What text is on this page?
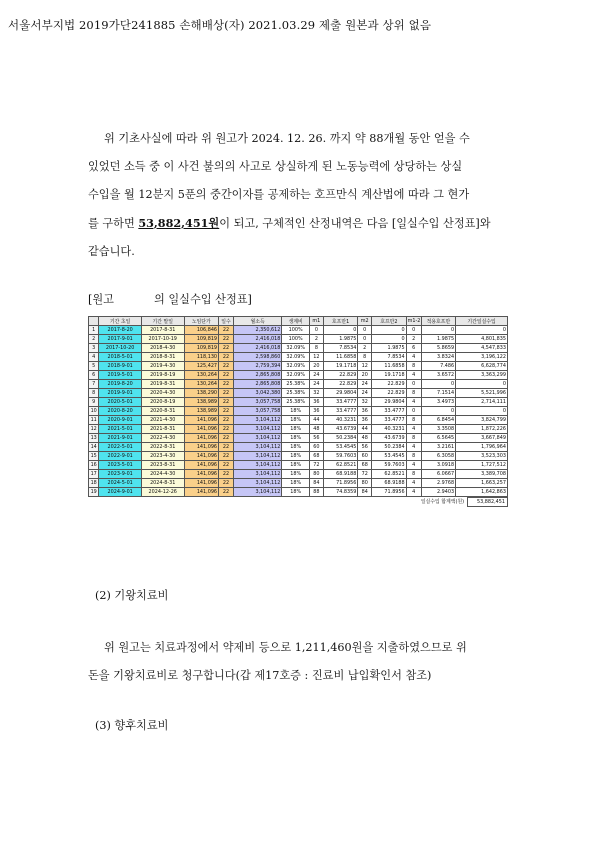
서울서부지법 2019가단241885 손해배상(자) 2021.03.29 제출 원본과 상위 없음
위 기초사실에 따라 위 원고가 2024. 12. 26. 까지 약 88개월 동안 얻을 수
있었던 소득 중 이 사건 불의의 사고로 상실하게 된 노동능력에 상당하는 상실
수입을 월 12분지 5푼의 중간이자를 공제하는 호프만식 계산법에 따라 그 현가
를 구하면 53,882,451원이 되고, 구체적인 산정내역은 다음 [일실수입 산정표]와
같습니다.
[원고	의 일실수입 산정표]
	기간 초일	기간 말일	노임단가	일수	월소득	생계비	m1	호프만1	m2	호프만2	m1-2	적용호프만	기간일실수입
1	2017-8-20	2017-8-31	106,846	22	2,350,612	100%	0	0	0	0	0	0	0
2	2017-9-01	2017-10-19	109,819	22	2,416,018	100%	2	1.9875	0	0	2	1.9875	4,801,835
3	2017-10-20	2018-4-30	109,819	22	2,416,018	32.09%	8	7.8534	2	1.9875	6	5.8659	4,547,833
4	2018-5-01	2018-8-31	118,130	22	2,598,860	32.09%	12	11.6858	8	7.8534	4	3.8324	3,196,122
5	2018-9-01	2019-4-30	125,427	22	2,759,394	32.09%	20	19.1718	12	11.6858	8	7.486	6,628,774
6	2019-5-01	2019-8-19	130,264	22	2,865,808	32.09%	24	22.829	20	19.1718	4	3.6572	3,363,299
7	2019-8-20	2019-8-31	130,264	22	2,865,808	25.38%	24	22.829	24	22.829	0	0	0
8	2019-9-01	2020-4-30	138,290	22	3,042,380	25.38%	32	29.9804	24	22.829	8	7.1514	5,521,996
9	2020-5-01	2020-8-19	138,989	22	3,057,758	25.38%	36	33.4777	32	29.9804	4	3.4973	2,714,111
10	2020-8-20	2020-8-31	138,989	22	3,057,758	18%	36	33.4777	36	33.4777	0	0	0
11	2020-9-01	2021-4-30	141,096	22	3,104,112	18%	44	40.3231	36	33.4777	8	6.8454	3,824,799
12	2021-5-01	2021-8-31	141,096	22	3,104,112	18%	48	43.6739	44	40.3231	4	3.3508	1,872,226
13	2021-9-01	2022-4-30	141,096	22	3,104,112	18%	56	50.2384	48	43.6739	8	6.5645	3,667,849
14	2022-5-01	2022-8-31	141,096	22	3,104,112	18%	60	53.4545	56	50.2384	4	3.2161	1,796,964
15	2022-9-01	2023-4-30	141,096	22	3,104,112	18%	68	59.7603	60	53.4545	8	6.3058	3,523,303
16	2023-5-01	2023-8-31	141,096	22	3,104,112	18%	72	62.8521	68	59.7603	4	3.0918	1,727,512
17	2023-9-01	2024-4-30	141,096	22	3,104,112	18%	80	68.9188	72	62.8521	8	6.0667	3,389,708
18	2024-5-01	2024-8-31	141,096	22	3,104,112	18%	84	71.8956	80	68.9188	4	2.9768	1,663,257
19	2024-9-01	2024-12-26	141,096	22	3,104,112	18%	88	74.8359	84	71.8956	4	2.9403	1,642,863
일실수입 합계액(원)	53,882,451
(2) 기왕치료비
위 원고는 치료과정에서 약제비 등으로 1,211,460원을 지출하였으므로 위
돈을 기왕치료비로 청구합니다(갑 제17호증 : 진료비 납입확인서 참조)
(3) 향후치료비
